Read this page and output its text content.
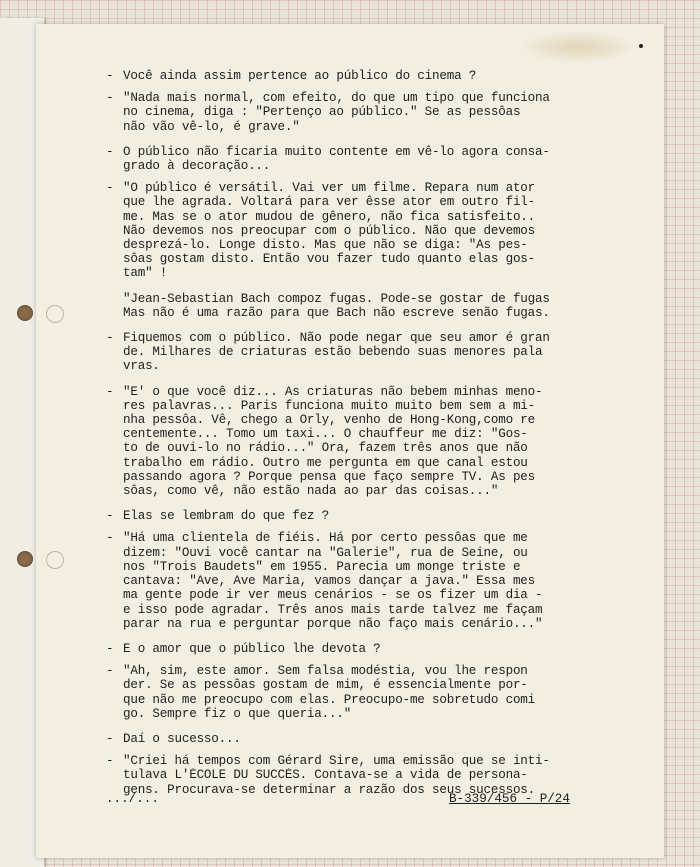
- Você ainda assim pertence ao público do cinema ?
- "Nada mais normal, com efeito, do que um tipo que funciona
no cinema, diga : "Pertenço ao público." Se as pessôas
não vão vê-lo, é grave."
- O público não ficaria muito contente em vê-lo agora consa-
grado à decoração...
- "O público é versátil. Vai ver um filme. Repara num ator
que lhe agrada. Voltará para ver êsse ator em outro fil-
me. Mas se o ator mudou de gênero, não fica satisfeito..
Não devemos nos preocupar com o público. Não que devemos
desprezá-lo. Longe disto. Mas que não se diga: "As pes-
sôas gostam disto. Então vou fazer tudo quanto elas gos-
tam" !
"Jean-Sebastian Bach compoz fugas. Pode-se gostar de fugas
Mas não é uma razão para que Bach não escreve senão fugas.
- Fiquemos com o público. Não pode negar que seu amor é gran
de. Milhares de criaturas estão bebendo suas menores pala
vras.
- "E' o que você diz... As criaturas não bebem minhas meno-
res palavras... Paris funciona muito muito bem sem a mi-
nha pessôa. Vê, chego a Orly, venho de Hong-Kong,como re
centemente... Tomo um taxi... O chauffeur me diz: "Gos-
to de ouvi-lo no rádio..." Ora, fazem três anos que não
trabalho em rádio. Outro me pergunta em que canal estou
passando agora ? Porque pensa que faço sempre TV. As pes
sôas, como vê, não estão nada ao par das coisas..."
- Elas se lembram do que fez ?
- "Há uma clientela de fiéis. Há por certo pessôas que me
dizem: "Ouvi você cantar na "Galerie", rua de Seine, ou
nos "Trois Baudets" em 1955. Parecia um monge triste e
cantava: "Ave, Ave Maria, vamos dançar a java." Essa mes
ma gente pode ir ver meus cenários - se os fizer um dia -
e isso pode agradar. Três anos mais tarde talvez me façam
parar na rua e perguntar porque não faço mais cenário..."
- E o amor que o público lhe devota ?
- "Ah, sim, este amor. Sem falsa modéstia, vou lhe respon
der. Se as pessôas gostam de mim, é essencialmente por-
que não me preocupo com elas. Preocupo-me sobretudo comi
go. Sempre fiz o que queria..."
- Daí o sucesso...
- "Criei há tempos com Gérard Sire, uma emissão que se inti-
tulava L'ÉCOLE DU SUCCÈS. Contava-se a vida de persona-
gens. Procurava-se determinar a razão dos seus sucessos.
.../...	B-339/456 - P/24
